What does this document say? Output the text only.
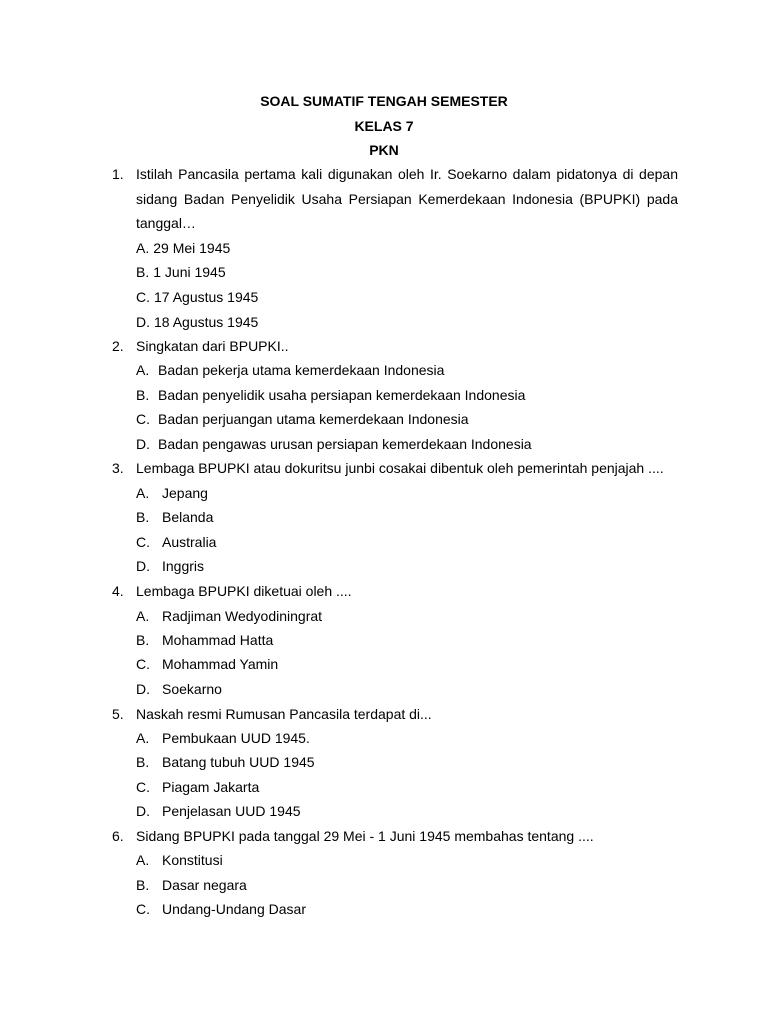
SOAL SUMATIF TENGAH SEMESTER
KELAS 7
PKN
1. Istilah Pancasila pertama kali digunakan oleh Ir. Soekarno dalam pidatonya di depan sidang Badan Penyelidik Usaha Persiapan Kemerdekaan Indonesia (BPUPKI) pada tanggal…
A. 29 Mei 1945
B. 1 Juni 1945
C. 17 Agustus 1945
D. 18 Agustus 1945
2. Singkatan dari BPUPKI..
A. Badan pekerja utama kemerdekaan Indonesia
B. Badan penyelidik usaha persiapan kemerdekaan Indonesia
C. Badan perjuangan utama kemerdekaan Indonesia
D. Badan pengawas urusan persiapan kemerdekaan Indonesia
3. Lembaga BPUPKI atau dokuritsu junbi cosakai dibentuk oleh pemerintah penjajah ....
A. Jepang
B. Belanda
C. Australia
D. Inggris
4. Lembaga BPUPKI diketuai oleh ....
A. Radjiman Wedyodiningrat
B. Mohammad Hatta
C. Mohammad Yamin
D. Soekarno
5. Naskah resmi Rumusan Pancasila terdapat di...
A. Pembukaan UUD 1945.
B. Batang tubuh UUD 1945
C. Piagam Jakarta
D. Penjelasan UUD 1945
6. Sidang BPUPKI pada tanggal 29 Mei - 1 Juni 1945 membahas tentang ....
A. Konstitusi
B. Dasar negara
C. Undang-Undang Dasar
